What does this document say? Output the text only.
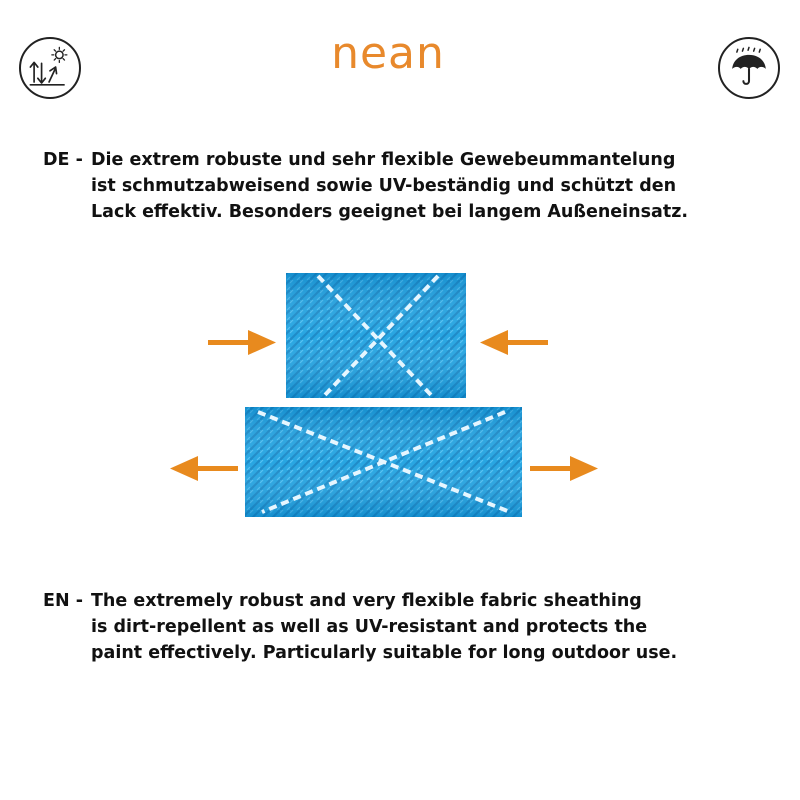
nean
DE - Die extrem robuste und sehr flexible Gewebeummantelung
ist schmutzabweisend sowie UV-beständig und schützt den
Lack effektiv. Besonders geeignet bei langem Außeneinsatz.
EN - The extremely robust and very flexible fabric sheathing
is dirt-repellent as well as UV-resistant and protects the
paint effectively. Particularly suitable for long outdoor use.
